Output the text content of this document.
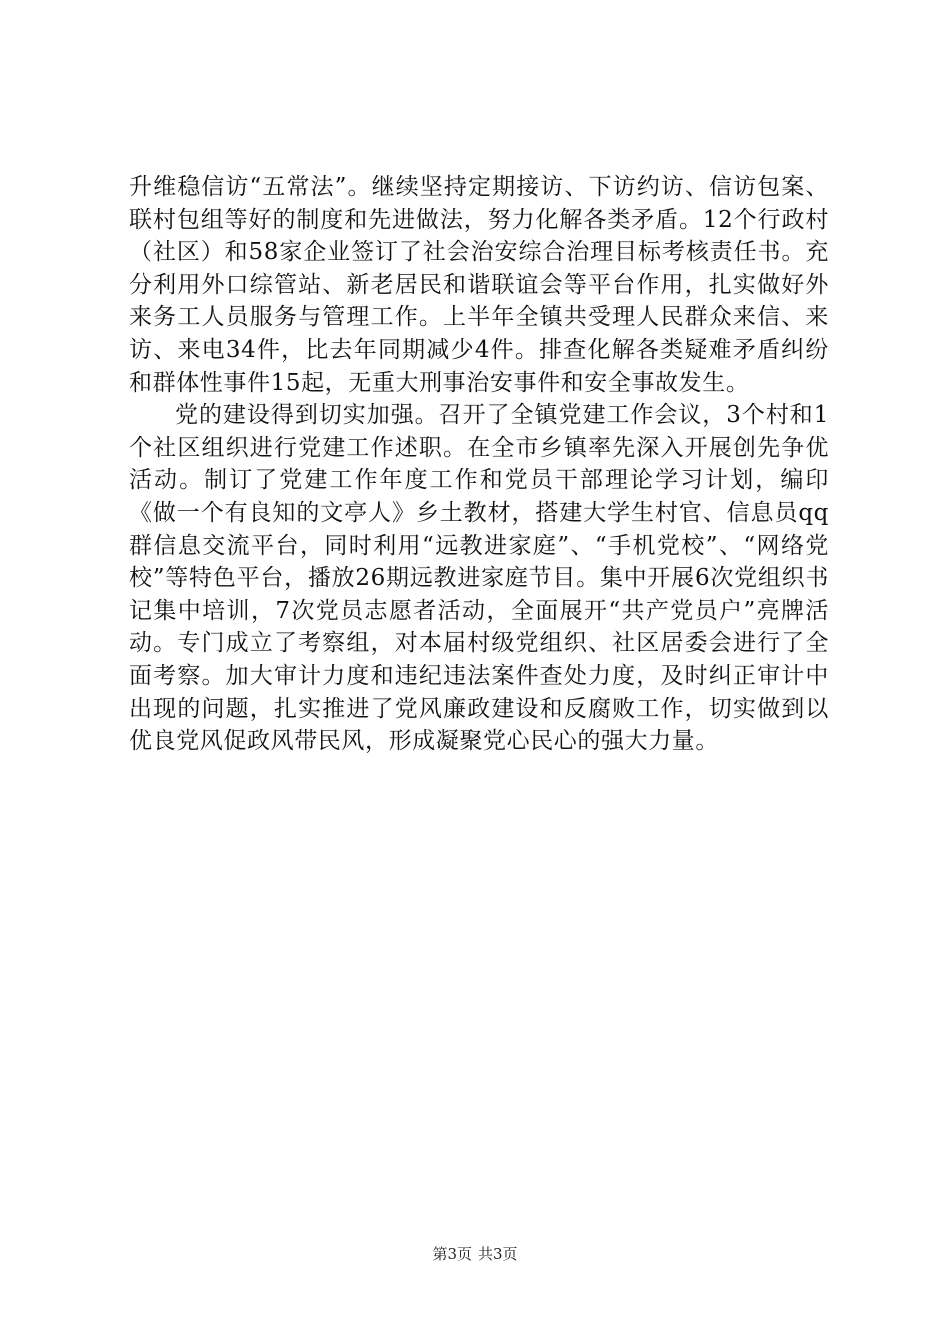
升维稳信访“五常法”。继续坚持定期接访、下访约访、信访包案、联村包组等好的制度和先进做法，努力化解各类矛盾。12个行政村（社区）和58家企业签订了社会治安综合治理目标考核责任书。充分利用外口综管站、新老居民和谐联谊会等平台作用，扎实做好外来务工人员服务与管理工作。上半年全镇共受理人民群众来信、来访、来电34件，比去年同期减少4件。排查化解各类疑难矛盾纠纷和群体性事件15起，无重大刑事治安事件和安全事故发生。

党的建设得到切实加强。召开了全镇党建工作会议，3个村和1个社区组织进行党建工作述职。在全市乡镇率先深入开展创先争优活动。制订了党建工作年度工作和党员干部理论学习计划，编印《做一个有良知的文亭人》乡土教材，搭建大学生村官、信息员qq群信息交流平台，同时利用“远教进家庭”、“手机党校”、“网络党校”等特色平台，播放26期远教进家庭节目。集中开展6次党组织书记集中培训，7次党员志愿者活动，全面展开“共产党员户”亮牌活动。专门成立了考察组，对本届村级党组织、社区居委会进行了全面考察。加大审计力度和违纪违法案件查处力度，及时纠正审计中出现的问题，扎实推进了党风廉政建设和反腐败工作，切实做到以优良党风促政风带民风，形成凝聚党心民心的强大力量。

第3页 共3页
